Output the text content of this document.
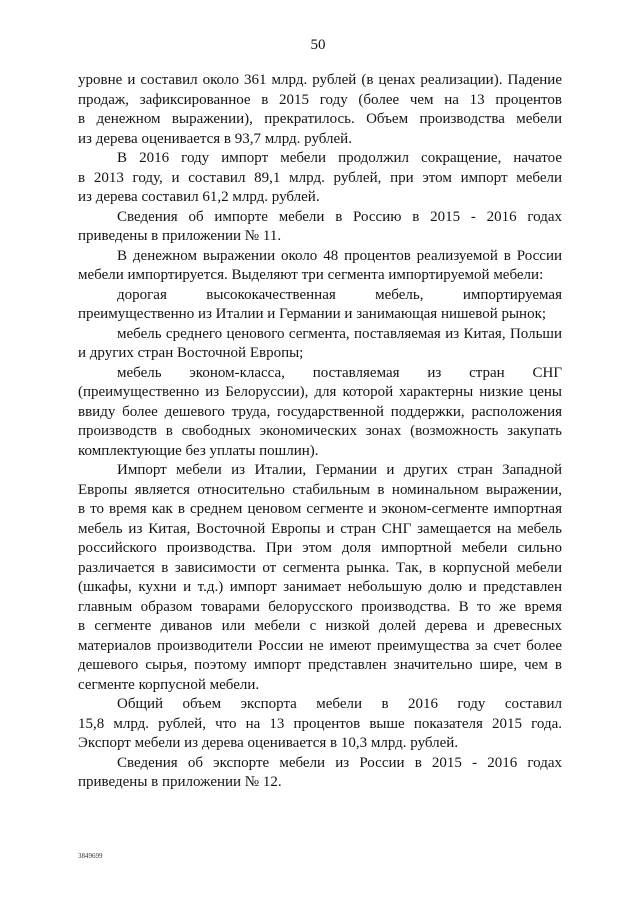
50
уровне и составил около 361 млрд. рублей (в ценах реализации). Падение
продаж, зафиксированное в 2015 году (более чем на 13 процентов
в денежном выражении), прекратилось. Объем производства мебели
из дерева оценивается в 93,7 млрд. рублей.
В 2016 году импорт мебели продолжил сокращение, начатое
в 2013 году, и составил 89,1 млрд. рублей, при этом импорт мебели
из дерева составил 61,2 млрд. рублей.
Сведения об импорте мебели в Россию в 2015 - 2016 годах
приведены в приложении № 11.
В денежном выражении около 48 процентов реализуемой в России
мебели импортируется. Выделяют три сегмента импортируемой мебели:
дорогая высококачественная мебель, импортируемая
преимущественно из Италии и Германии и занимающая нишевой рынок;
мебель среднего ценового сегмента, поставляемая из Китая, Польши
и других стран Восточной Европы;
мебель эконом-класса, поставляемая из стран СНГ
(преимущественно из Белоруссии), для которой характерны низкие цены
ввиду более дешевого труда, государственной поддержки, расположения
производств в свободных экономических зонах (возможность закупать
комплектующие без уплаты пошлин).
Импорт мебели из Италии, Германии и других стран Западной
Европы является относительно стабильным в номинальном выражении,
в то время как в среднем ценовом сегменте и эконом-сегменте импортная
мебель из Китая, Восточной Европы и стран СНГ замещается на мебель
российского производства. При этом доля импортной мебели сильно
различается в зависимости от сегмента рынка. Так, в корпусной мебели
(шкафы, кухни и т.д.) импорт занимает небольшую долю и представлен
главным образом товарами белорусского производства. В то же время
в сегменте диванов или мебели с низкой долей дерева и древесных
материалов производители России не имеют преимущества за счет более
дешевого сырья, поэтому импорт представлен значительно шире, чем в
сегменте корпусной мебели.
Общий объем экспорта мебели в 2016 году составил
15,8 млрд. рублей, что на 13 процентов выше показателя 2015 года.
Экспорт мебели из дерева оценивается в 10,3 млрд. рублей.
Сведения об экспорте мебели из России в 2015 - 2016 годах
приведены в приложении № 12.
3849699
